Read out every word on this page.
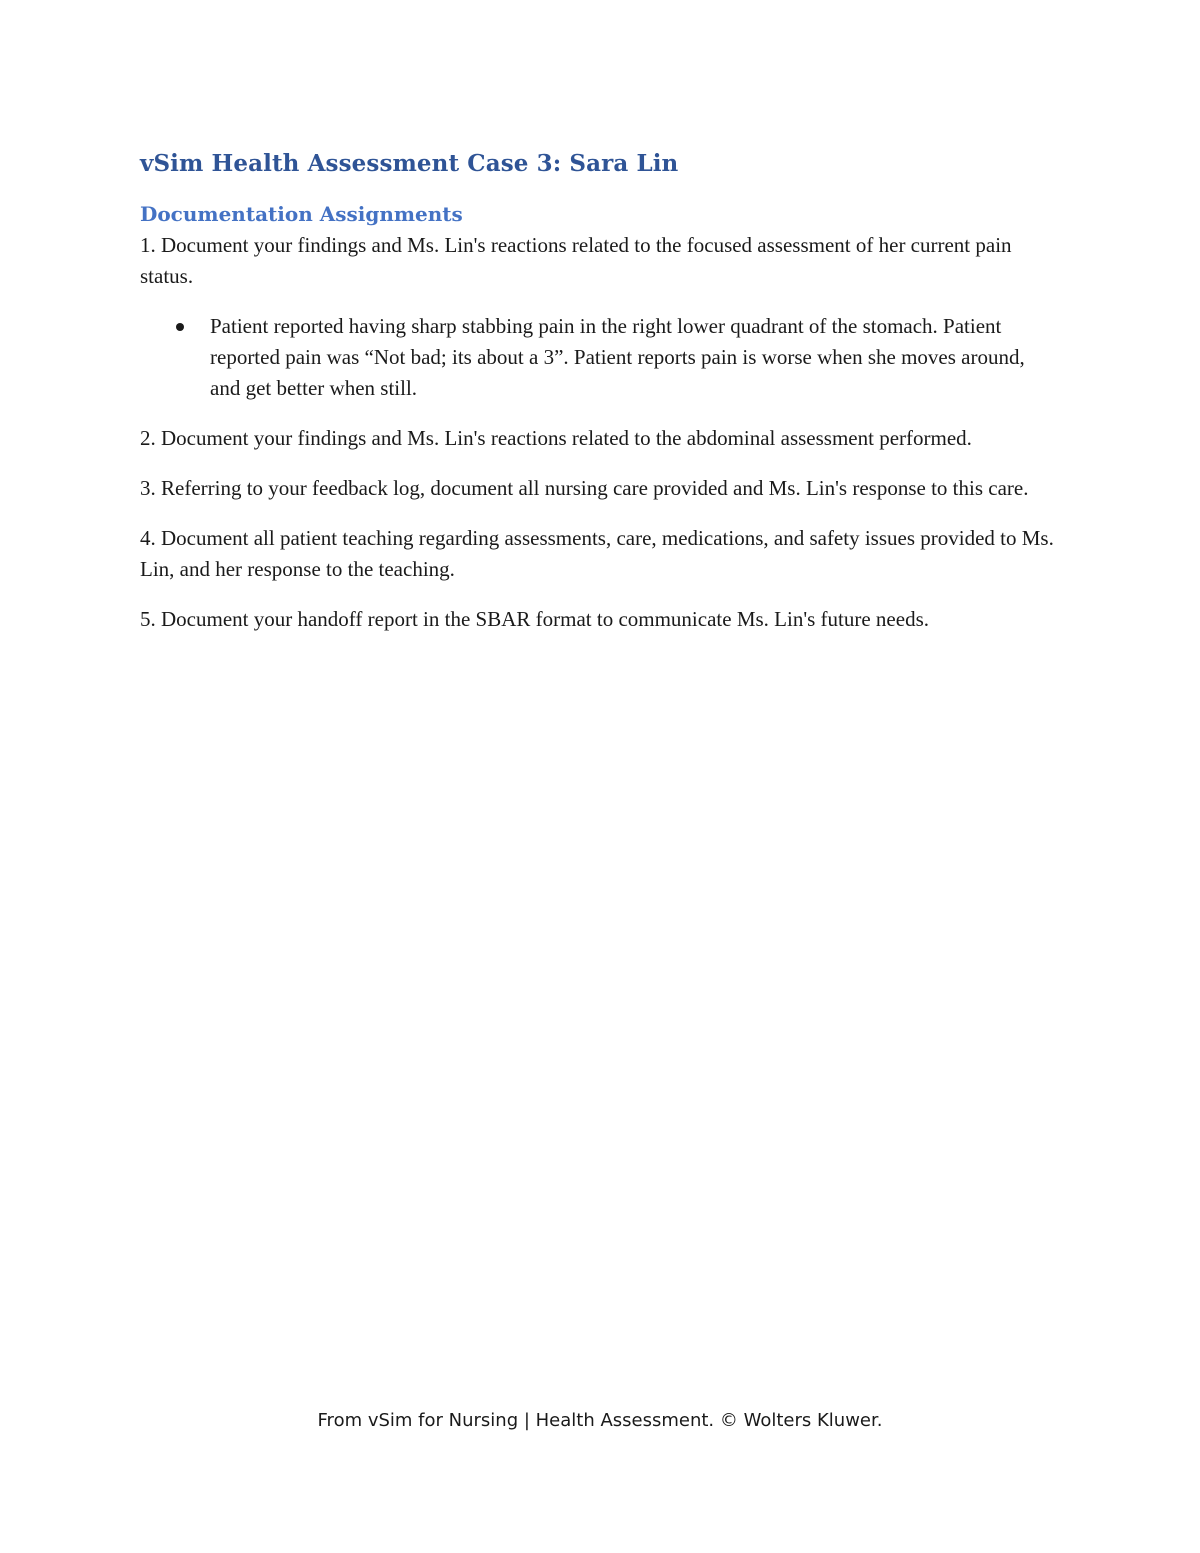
vSim Health Assessment Case 3: Sara Lin
Documentation Assignments

1. Document your findings and Ms. Lin's reactions related to the focused assessment of her current pain status.

Patient reported having sharp stabbing pain in the right lower quadrant of the stomach. Patient reported pain was “Not bad; its about a 3”. Patient reports pain is worse when she moves around, and get better when still.

2. Document your findings and Ms. Lin's reactions related to the abdominal assessment performed.

3. Referring to your feedback log, document all nursing care provided and Ms. Lin's response to this care.

4. Document all patient teaching regarding assessments, care, medications, and safety issues provided to Ms. Lin, and her response to the teaching.

5. Document your handoff report in the SBAR format to communicate Ms. Lin's future needs.

From vSim for Nursing | Health Assessment. © Wolters Kluwer.
